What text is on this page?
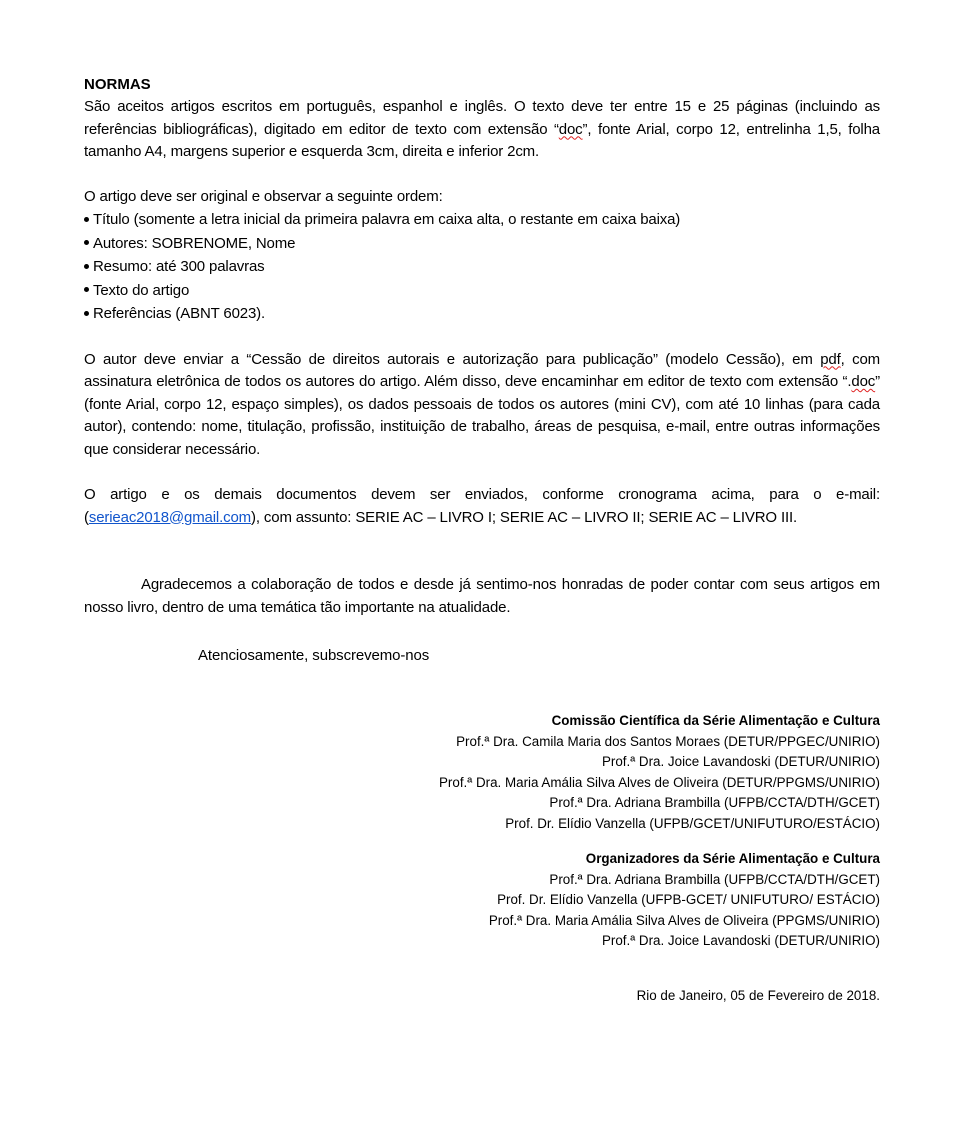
NORMAS

São aceitos artigos escritos em português, espanhol e inglês. O texto deve ter entre 15 e 25 páginas (incluindo as referências bibliográficas), digitado em editor de texto com extensão “doc”, fonte Arial, corpo 12, entrelinha 1,5, folha tamanho A4, margens superior e esquerda 3cm, direita e inferior 2cm.

O artigo deve ser original e observar a seguinte ordem:

Título (somente a letra inicial da primeira palavra em caixa alta, o restante em caixa baixa)
Autores: SOBRENOME, Nome
Resumo: até 300 palavras
Texto do artigo
Referências (ABNT 6023).

O autor deve enviar a “Cessão de direitos autorais e autorização para publicação” (modelo Cessão), em pdf, com assinatura eletrônica de todos os autores do artigo. Além disso, deve encaminhar em editor de texto com extensão “.doc” (fonte Arial, corpo 12, espaço simples), os dados pessoais de todos os autores (mini CV), com até 10 linhas (para cada autor), contendo: nome, titulação, profissão, instituição de trabalho, áreas de pesquisa, e-mail, entre outras informações que considerar necessário.

O artigo e os demais documentos devem ser enviados, conforme cronograma acima, para o e-mail: (serieac2018@gmail.com), com assunto: SERIE AC – LIVRO I; SERIE AC – LIVRO II; SERIE AC – LIVRO III.

Agradecemos a colaboração de todos e desde já sentimo-nos honradas de poder contar com seus artigos em nosso livro, dentro de uma temática tão importante na atualidade.

Atenciosamente, subscrevemo-nos
Comissão Científica da Série Alimentação e Cultura
Prof.ª Dra. Camila Maria dos Santos Moraes (DETUR/PPGEC/UNIRIO)
Prof.ª Dra. Joice Lavandoski (DETUR/UNIRIO)
Prof.ª Dra. Maria Amália Silva Alves de Oliveira (DETUR/PPGMS/UNIRIO)
Prof.ª Dra. Adriana Brambilla (UFPB/CCTA/DTH/GCET)
Prof. Dr. Elídio Vanzella (UFPB/GCET/UNIFUTURO/ESTÁCIO)
Organizadores da Série Alimentação e Cultura
Prof.ª Dra. Adriana Brambilla (UFPB/CCTA/DTH/GCET)
Prof. Dr. Elídio Vanzella (UFPB-GCET/ UNIFUTURO/ ESTÁCIO)
Prof.ª Dra. Maria Amália Silva Alves de Oliveira (PPGMS/UNIRIO)
Prof.ª Dra. Joice Lavandoski (DETUR/UNIRIO)
Rio de Janeiro, 05 de Fevereiro de 2018.
